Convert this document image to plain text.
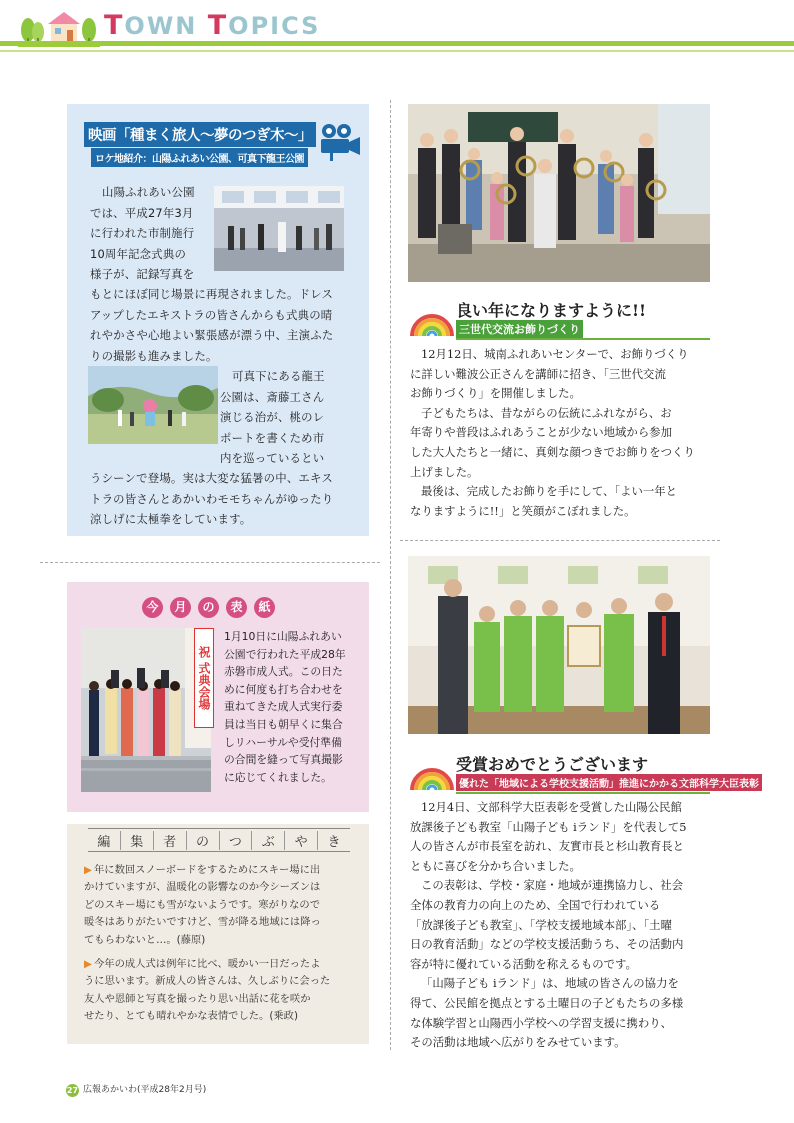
TOWN TOPICS
映画「種まく旅人～夢のつぎ木～」
ロケ地紹介：山陽ふれあい公園、可真下龍王公園
山陽ふれあい公園
では、平成27年3月
に行われた市制施行
10周年記念式典の
様子が、記録写真を
もとにほぼ同じ場景に再現されました。ドレス
アップしたエキストラの皆さんからも式典の晴
れやかさや心地よい緊張感が漂う中、主演ふた
りの撮影も進みました。
可真下にある龍王
公園は、斎藤工さん
演じる治が、桃のレ
ポートを書くため市
内を巡っているとい
うシーンで登場。実は大変な猛暑の中、エキス
トラの皆さんとあかいわモモちゃんがゆったり
涼しげに太極拳をしています。
今	月	の	表	紙
祝 式典会場
1月10日に山陽ふれあい
公園で行われた平成28年
赤磐市成人式。この日た
めに何度も打ち合わせを
重ねてきた成人式実行委
員は当日も朝早くに集合
しリハーサルや受付準備
の合間を縫って写真撮影
に応じてくれました。
編	集	者	の	つ	ぶ	や	き
▶ 年に数回スノーボードをするためにスキー場に出
かけていますが、温暖化の影響なのか今シーズンは
どのスキー場にも雪がないようです。寒がりなので
暖冬はありがたいですけど、雪が降る地域には降っ
てもらわないと…。(藤原)
▶ 今年の成人式は例年に比べ、暖かい一日だったよ
うに思います。新成人の皆さんは、久しぶりに会った
友人や恩師と写真を撮ったり思い出話に花を咲か
せたり、とても晴れやかな表情でした。(乗政)
良い年になりますように!!
三世代交流お飾りづくり
12月12日、城南ふれあいセンターで、お飾りづくり
に詳しい難波公正さんを講師に招き、「三世代交流
お飾りづくり」を開催しました。
子どもたちは、昔ながらの伝統にふれながら、お
年寄りや普段はふれあうことが少ない地域から参加
した大人たちと一緒に、真剣な顔つきでお飾りをつくり
上げました。
最後は、完成したお飾りを手にして、「よい一年と
なりますように!!」と笑顔がこぼれました。
受賞おめでとうございます
優れた「地域による学校支援活動」推進にかかる文部科学大臣表彰
12月4日、文部科学大臣表彰を受賞した山陽公民館
放課後子ども教室「山陽子ども iランド」を代表して5
人の皆さんが市長室を訪れ、友實市長と杉山教育長と
ともに喜びを分かち合いました。
この表彰は、学校・家庭・地域が連携協力し、社会
全体の教育力の向上のため、全国で行われている
「放課後子ども教室」、「学校支援地域本部」、「土曜
日の教育活動」などの学校支援活動うち、その活動内
容が特に優れている活動を称えるものです。
「山陽子ども iランド」は、地域の皆さんの協力を
得て、公民館を拠点とする土曜日の子どもたちの多様
な体験学習と山陽西小学校への学習支援に携わり、
その活動は地域へ広がりをみせています。
27 広報あかいわ(平成28年2月号)
